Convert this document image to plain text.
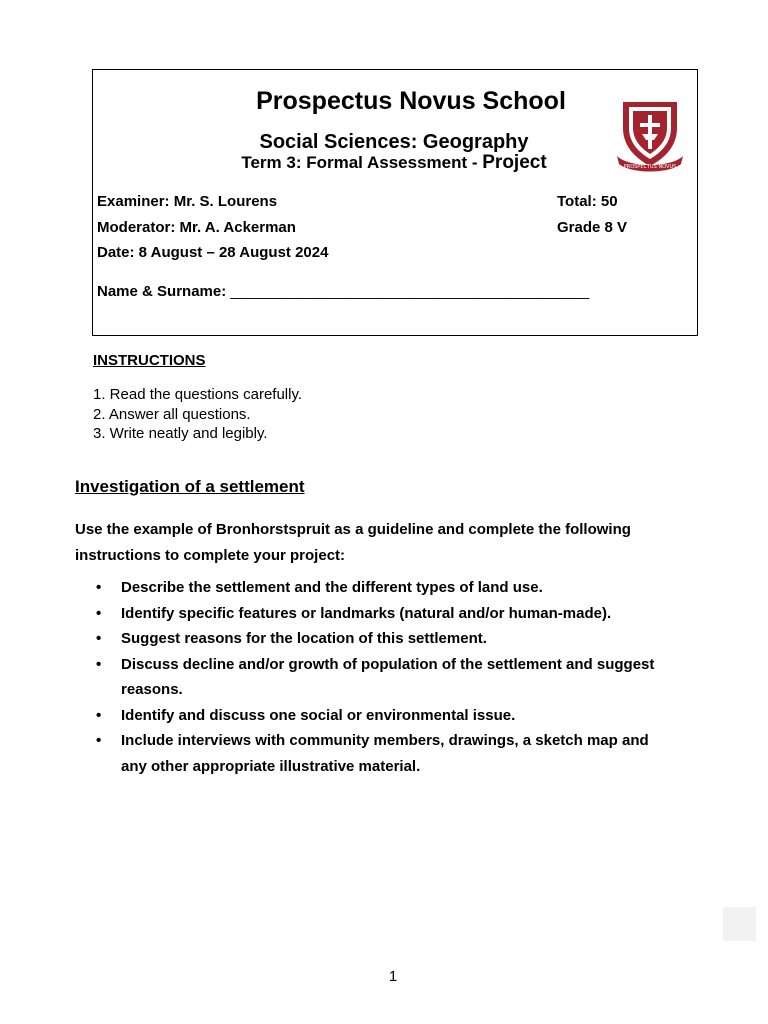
Prospectus Novus School
Social Sciences: Geography
Term 3: Formal Assessment - Project	PROSPECTUS NOVUS
Examiner: Mr. S. Lourens
Moderator: Mr. A. Ackerman
Date: 8 August – 28 August 2024
Total: 50
Grade 8 V
Name & Surname: ___________________________________________
INSTRUCTIONS
1. Read the questions carefully.
2. Answer all questions.
3. Write neatly and legibly.
Investigation of a settlement

Use the example of Bronhorstspruit as a guideline and complete the following instructions to complete your project:

• Describe the settlement and the different types of land use.
• Identify specific features or landmarks (natural and/or human-made).
• Suggest reasons for the location of this settlement.
• Discuss decline and/or growth of population of the settlement and suggest reasons.
• Identify and discuss one social or environmental issue.
• Include interviews with community members, drawings, a sketch map and any other appropriate illustrative material.
1
